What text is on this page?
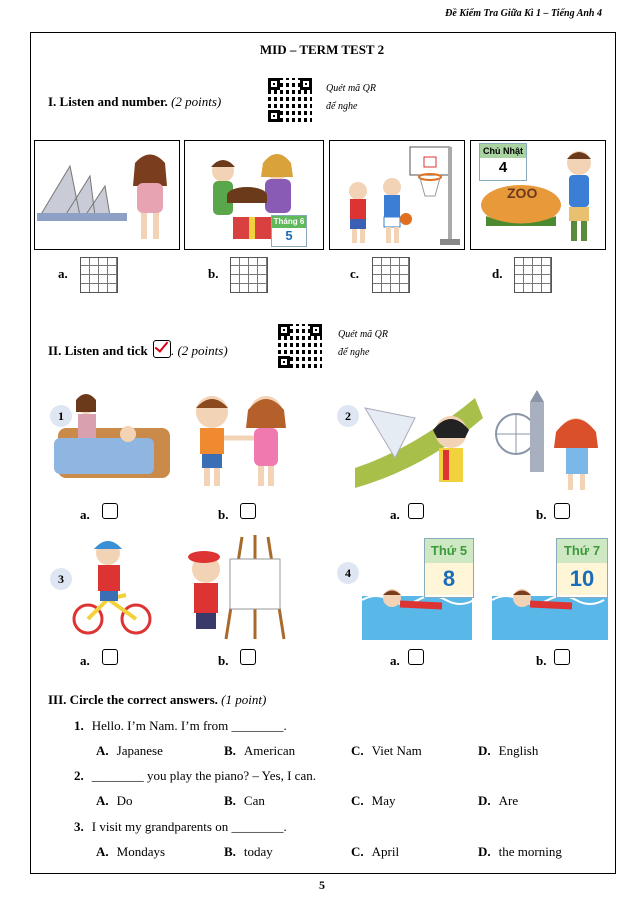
Đề Kiểm Tra Giữa Kì 1 – Tiếng Anh 4
MID – TERM TEST 2
I. Listen and number. (2 points)
Quét mã QR
để nghe
Tháng 6
5
ZOO
Chủ Nhật
4
a.	b.	c.	d.
II. Listen and tick . (2 points)
Quét mã QR
để nghe
1
a.	b.
2
a.	b.
3
a.	b.
4
Thứ 5
8
Thứ 7
10
a.	b.
III. Circle the correct answers. (1 point)
1. Hello. I’m Nam. I’m from ________.
A. Japanese	B. American	C. Viet Nam	D. English
2. ________ you play the piano? – Yes, I can.
A. Do	B. Can	C. May	D. Are
3. I visit my grandparents on ________.
A. Mondays	B. today	C. April	D. the morning
5
